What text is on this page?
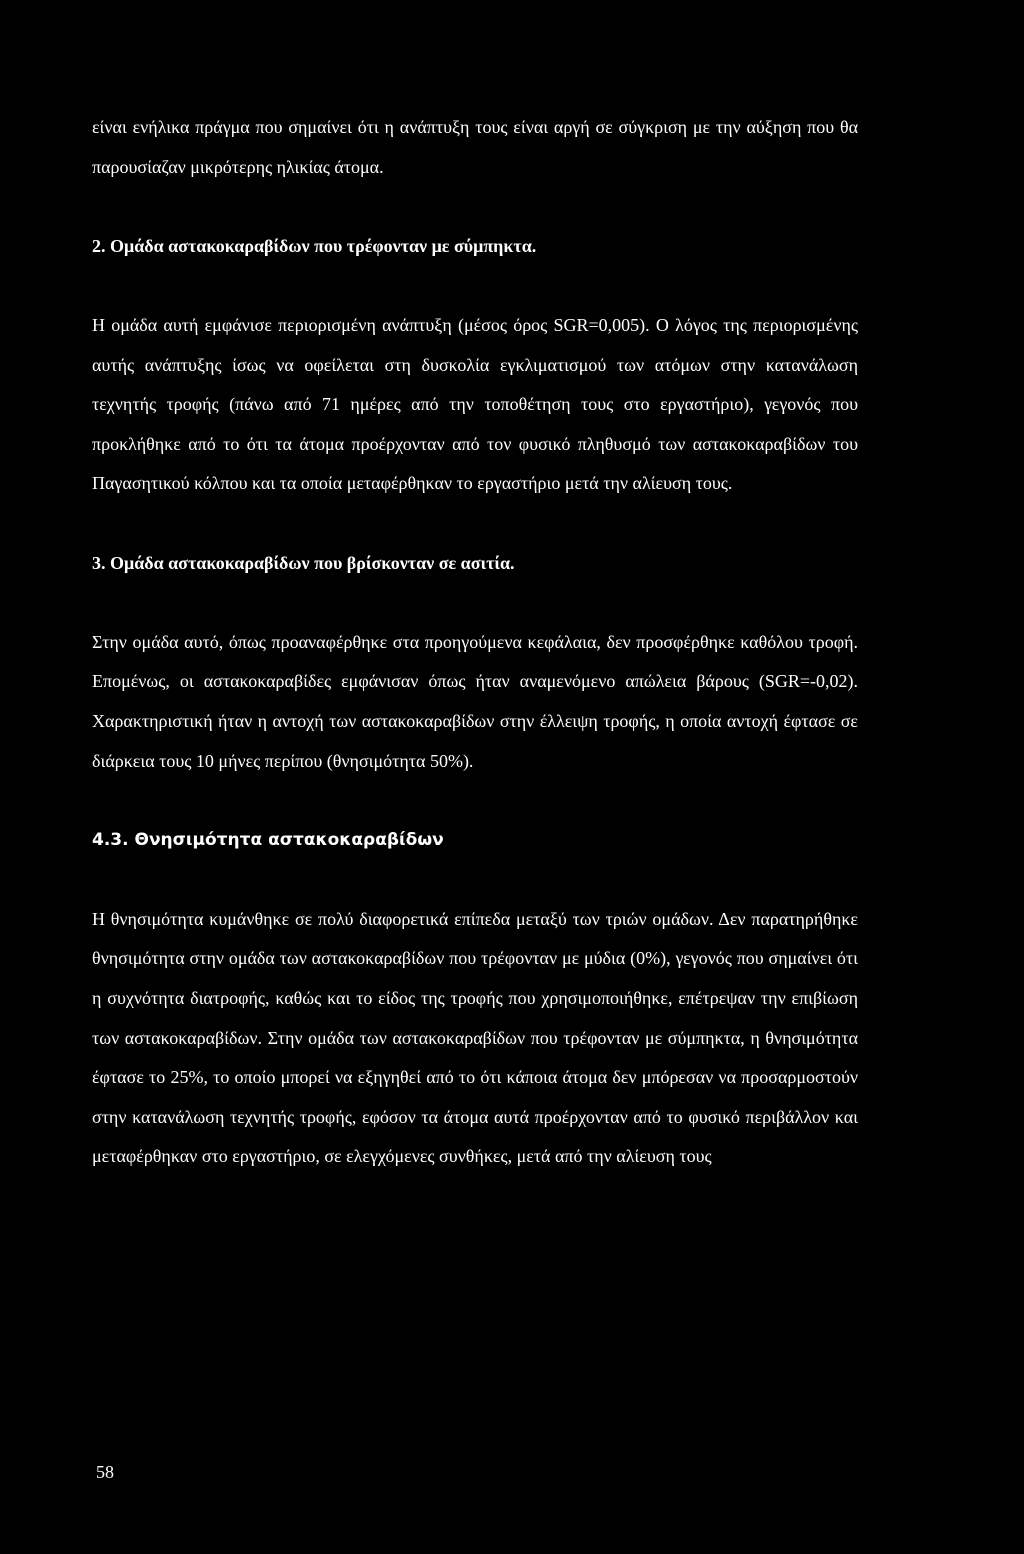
είναι ενήλικα πράγμα που σημαίνει ότι η ανάπτυξη τους είναι αργή σε σύγκριση με την αύξηση που θα παρουσίαζαν μικρότερης ηλικίας άτομα.

2. Ομάδα αστακοκαραβίδων που τρέφονταν με σύμπηκτα.

Η ομάδα αυτή εμφάνισε περιορισμένη ανάπτυξη (μέσος όρος SGR=0,005). Ο λόγος της περιορισμένης αυτής ανάπτυξης ίσως να οφείλεται στη δυσκολία εγκλιματισμού των ατόμων στην κατανάλωση τεχνητής τροφής (πάνω από 71 ημέρες από την τοποθέτηση τους στο εργαστήριο), γεγονός που προκλήθηκε από το ότι τα άτομα προέρχονταν από τον φυσικό πληθυσμό των αστακοκαραβίδων του Παγασητικού κόλπου και τα οποία μεταφέρθηκαν το εργαστήριο μετά την αλίευση τους.

3. Ομάδα αστακοκαραβίδων που βρίσκονταν σε ασιτία.

Στην ομάδα αυτό, όπως προαναφέρθηκε στα προηγούμενα κεφάλαια, δεν προσφέρθηκε καθόλου τροφή. Επομένως, οι αστακοκαραβίδες εμφάνισαν όπως ήταν αναμενόμενο απώλεια βάρους (SGR=-0,02). Χαρακτηριστική ήταν η αντοχή των αστακοκαραβίδων στην έλλειψη τροφής, η οποία αντοχή έφτασε σε διάρκεια τους 10 μήνες περίπου (θνησιμότητα 50%).

4.3. Θνησιμότητα αστακοκαραβίδων

Η θνησιμότητα κυμάνθηκε σε πολύ διαφορετικά επίπεδα μεταξύ των τριών ομάδων. Δεν παρατηρήθηκε θνησιμότητα στην ομάδα των αστακοκαραβίδων που τρέφονταν με μύδια (0%), γεγονός που σημαίνει ότι η συχνότητα διατροφής, καθώς και το είδος της τροφής που χρησιμοποιήθηκε, επέτρεψαν την επιβίωση των αστακοκαραβίδων. Στην ομάδα των αστακοκαραβίδων που τρέφονταν με σύμπηκτα, η θνησιμότητα έφτασε το 25%, το οποίο μπορεί να εξηγηθεί από το ότι κάποια άτομα δεν μπόρεσαν να προσαρμοστούν στην κατανάλωση τεχνητής τροφής, εφόσον τα άτομα αυτά προέρχονταν από το φυσικό περιβάλλον και μεταφέρθηκαν στο εργαστήριο, σε ελεγχόμενες συνθήκες, μετά από την αλίευση τους

58
